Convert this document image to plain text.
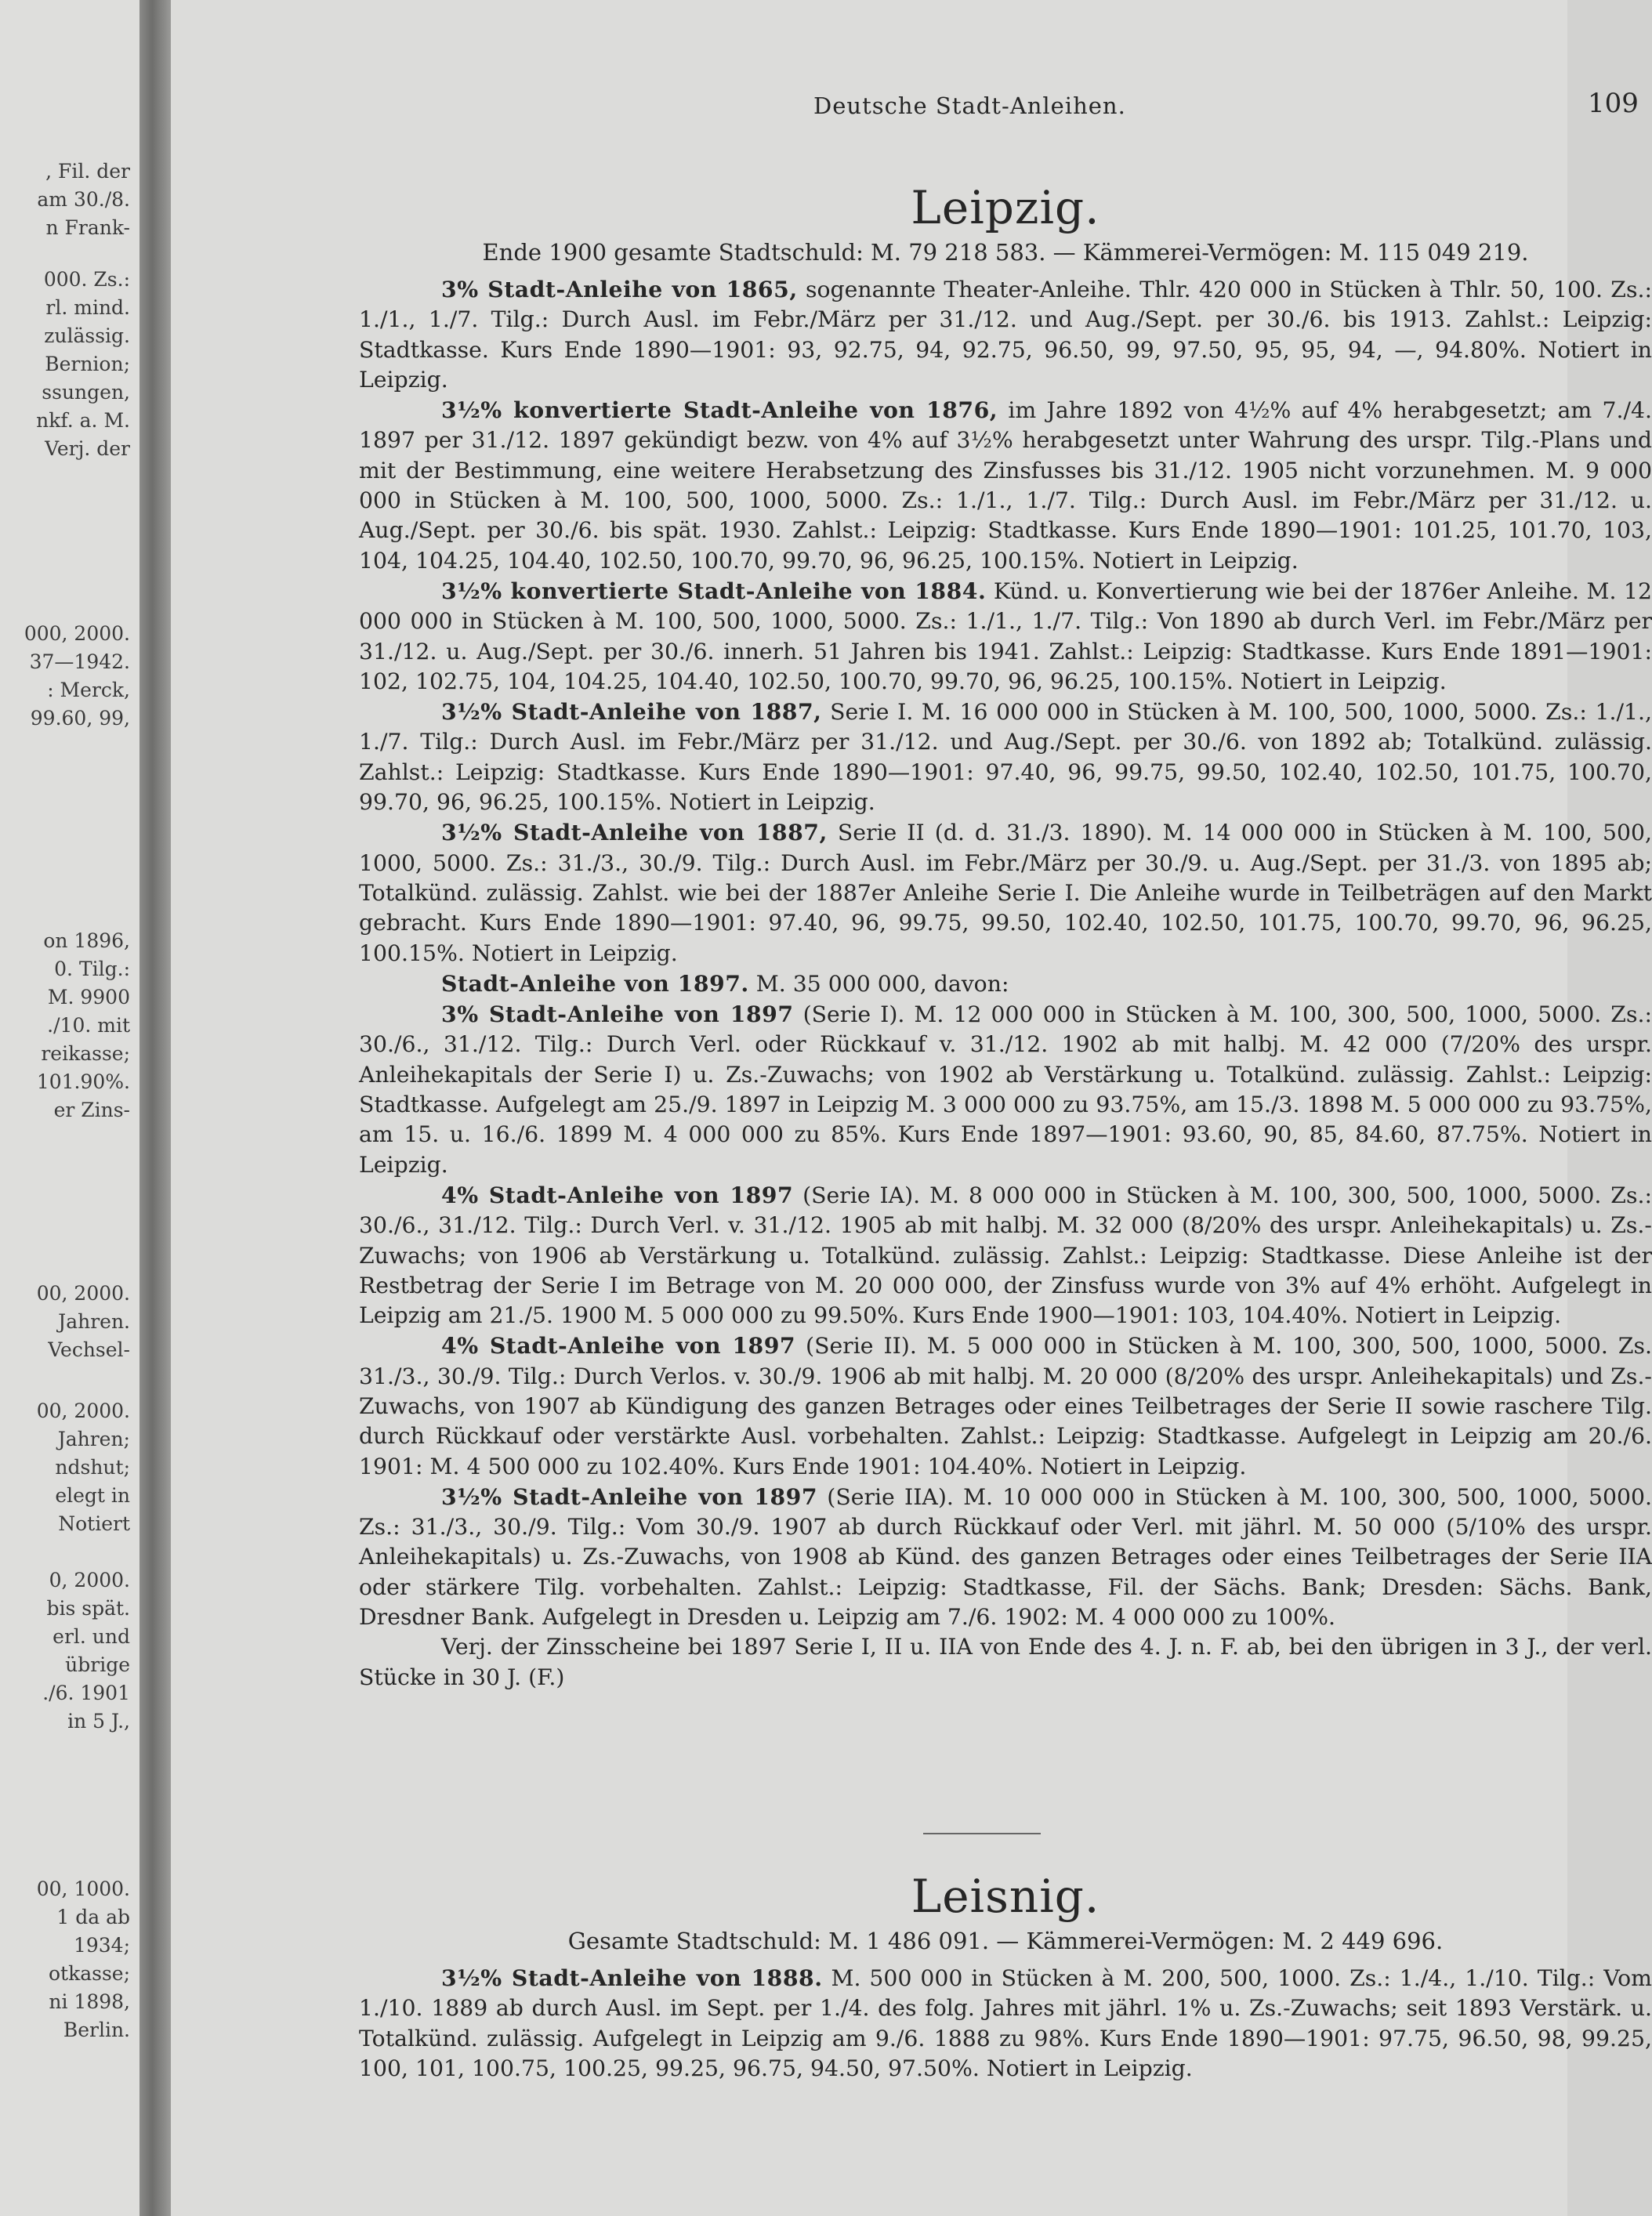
, Fil. der
am 30./8.
n Frank-
000. Zs.:
rl. mind.
zulässig.
Bernion;
ssungen,
nkf. a. M.
Verj. der
000, 2000.
37—1942.
: Merck,
99.60, 99,
on 1896,
0. Tilg.:
M. 9900
./10. mit
reikasse;
101.90%.
er Zins-
00, 2000.
Jahren.
Vechsel-
00, 2000.
Jahren;
ndshut;
elegt in
Notiert
0, 2000.
bis spät.
erl. und
übrige
./6. 1901
in 5 J.,
00, 1000.
1 da ab
1934;
otkasse;
ni 1898,
Berlin.
Deutsche Stadt-Anleihen.	109
Leipzig.

Ende 1900 gesamte Stadtschuld: M. 79 218 583. — Kämmerei-Vermögen: M. 115 049 219.

3% Stadt-Anleihe von 1865, sogenannte Theater-Anleihe. Thlr. 420 000 in Stücken à Thlr. 50, 100. Zs.: 1./1., 1./7. Tilg.: Durch Ausl. im Febr./März per 31./12. und Aug./Sept. per 30./6. bis 1913. Zahlst.: Leipzig: Stadtkasse. Kurs Ende 1890—1901: 93, 92.75, 94, 92.75, 96.50, 99, 97.50, 95, 95, 94, —, 94.80%. Notiert in Leipzig.

3½% konvertierte Stadt-Anleihe von 1876, im Jahre 1892 von 4½% auf 4% herabgesetzt; am 7./4. 1897 per 31./12. 1897 gekündigt bezw. von 4% auf 3½% herabgesetzt unter Wahrung des urspr. Tilg.-Plans und mit der Bestimmung, eine weitere Herabsetzung des Zinsfusses bis 31./12. 1905 nicht vorzunehmen. M. 9 000 000 in Stücken à M. 100, 500, 1000, 5000. Zs.: 1./1., 1./7. Tilg.: Durch Ausl. im Febr./März per 31./12. u. Aug./Sept. per 30./6. bis spät. 1930. Zahlst.: Leipzig: Stadtkasse. Kurs Ende 1890—1901: 101.25, 101.70, 103, 104, 104.25, 104.40, 102.50, 100.70, 99.70, 96, 96.25, 100.15%. Notiert in Leipzig.

3½% konvertierte Stadt-Anleihe von 1884. Künd. u. Konvertierung wie bei der 1876er Anleihe. M. 12 000 000 in Stücken à M. 100, 500, 1000, 5000. Zs.: 1./1., 1./7. Tilg.: Von 1890 ab durch Verl. im Febr./März per 31./12. u. Aug./Sept. per 30./6. innerh. 51 Jahren bis 1941. Zahlst.: Leipzig: Stadtkasse. Kurs Ende 1891—1901: 102, 102.75, 104, 104.25, 104.40, 102.50, 100.70, 99.70, 96, 96.25, 100.15%. Notiert in Leipzig.

3½% Stadt-Anleihe von 1887, Serie I. M. 16 000 000 in Stücken à M. 100, 500, 1000, 5000. Zs.: 1./1., 1./7. Tilg.: Durch Ausl. im Febr./März per 31./12. und Aug./Sept. per 30./6. von 1892 ab; Totalkünd. zulässig. Zahlst.: Leipzig: Stadtkasse. Kurs Ende 1890—1901: 97.40, 96, 99.75, 99.50, 102.40, 102.50, 101.75, 100.70, 99.70, 96, 96.25, 100.15%. Notiert in Leipzig.

3½% Stadt-Anleihe von 1887, Serie II (d. d. 31./3. 1890). M. 14 000 000 in Stücken à M. 100, 500, 1000, 5000. Zs.: 31./3., 30./9. Tilg.: Durch Ausl. im Febr./März per 30./9. u. Aug./Sept. per 31./3. von 1895 ab; Totalkünd. zulässig. Zahlst. wie bei der 1887er Anleihe Serie I. Die Anleihe wurde in Teilbeträgen auf den Markt gebracht. Kurs Ende 1890—1901: 97.40, 96, 99.75, 99.50, 102.40, 102.50, 101.75, 100.70, 99.70, 96, 96.25, 100.15%. Notiert in Leipzig.

Stadt-Anleihe von 1897. M. 35 000 000, davon:

3% Stadt-Anleihe von 1897 (Serie I). M. 12 000 000 in Stücken à M. 100, 300, 500, 1000, 5000. Zs.: 30./6., 31./12. Tilg.: Durch Verl. oder Rückkauf v. 31./12. 1902 ab mit halbj. M. 42 000 (7/20% des urspr. Anleihekapitals der Serie I) u. Zs.-Zuwachs; von 1902 ab Verstärkung u. Totalkünd. zulässig. Zahlst.: Leipzig: Stadtkasse. Aufgelegt am 25./9. 1897 in Leipzig M. 3 000 000 zu 93.75%, am 15./3. 1898 M. 5 000 000 zu 93.75%, am 15. u. 16./6. 1899 M. 4 000 000 zu 85%. Kurs Ende 1897—1901: 93.60, 90, 85, 84.60, 87.75%. Notiert in Leipzig.

4% Stadt-Anleihe von 1897 (Serie IA). M. 8 000 000 in Stücken à M. 100, 300, 500, 1000, 5000. Zs.: 30./6., 31./12. Tilg.: Durch Verl. v. 31./12. 1905 ab mit halbj. M. 32 000 (8/20% des urspr. Anleihekapitals) u. Zs.-Zuwachs; von 1906 ab Verstärkung u. Totalkünd. zulässig. Zahlst.: Leipzig: Stadtkasse. Diese Anleihe ist der Restbetrag der Serie I im Betrage von M. 20 000 000, der Zinsfuss wurde von 3% auf 4% erhöht. Aufgelegt in Leipzig am 21./5. 1900 M. 5 000 000 zu 99.50%. Kurs Ende 1900—1901: 103, 104.40%. Notiert in Leipzig.

4% Stadt-Anleihe von 1897 (Serie II). M. 5 000 000 in Stücken à M. 100, 300, 500, 1000, 5000. Zs. 31./3., 30./9. Tilg.: Durch Verlos. v. 30./9. 1906 ab mit halbj. M. 20 000 (8/20% des urspr. Anleihekapitals) und Zs.-Zuwachs, von 1907 ab Kündigung des ganzen Betrages oder eines Teilbetrages der Serie II sowie raschere Tilg. durch Rückkauf oder verstärkte Ausl. vorbehalten. Zahlst.: Leipzig: Stadtkasse. Aufgelegt in Leipzig am 20./6. 1901: M. 4 500 000 zu 102.40%. Kurs Ende 1901: 104.40%. Notiert in Leipzig.

3½% Stadt-Anleihe von 1897 (Serie IIA). M. 10 000 000 in Stücken à M. 100, 300, 500, 1000, 5000. Zs.: 31./3., 30./9. Tilg.: Vom 30./9. 1907 ab durch Rückkauf oder Verl. mit jährl. M. 50 000 (5/10% des urspr. Anleihekapitals) u. Zs.-Zuwachs, von 1908 ab Künd. des ganzen Betrages oder eines Teilbetrages der Serie IIA oder stärkere Tilg. vorbehalten. Zahlst.: Leipzig: Stadtkasse, Fil. der Sächs. Bank; Dresden: Sächs. Bank, Dresdner Bank. Aufgelegt in Dresden u. Leipzig am 7./6. 1902: M. 4 000 000 zu 100%.

Verj. der Zinsscheine bei 1897 Serie I, II u. IIA von Ende des 4. J. n. F. ab, bei den übrigen in 3 J., der verl. Stücke in 30 J. (F.)

Leisnig.

Gesamte Stadtschuld: M. 1 486 091. — Kämmerei-Vermögen: M. 2 449 696.

3½% Stadt-Anleihe von 1888. M. 500 000 in Stücken à M. 200, 500, 1000. Zs.: 1./4., 1./10. Tilg.: Vom 1./10. 1889 ab durch Ausl. im Sept. per 1./4. des folg. Jahres mit jährl. 1% u. Zs.-Zuwachs; seit 1893 Verstärk. u. Totalkünd. zulässig. Aufgelegt in Leipzig am 9./6. 1888 zu 98%. Kurs Ende 1890—1901: 97.75, 96.50, 98, 99.25, 100, 101, 100.75, 100.25, 99.25, 96.75, 94.50, 97.50%. Notiert in Leipzig.
